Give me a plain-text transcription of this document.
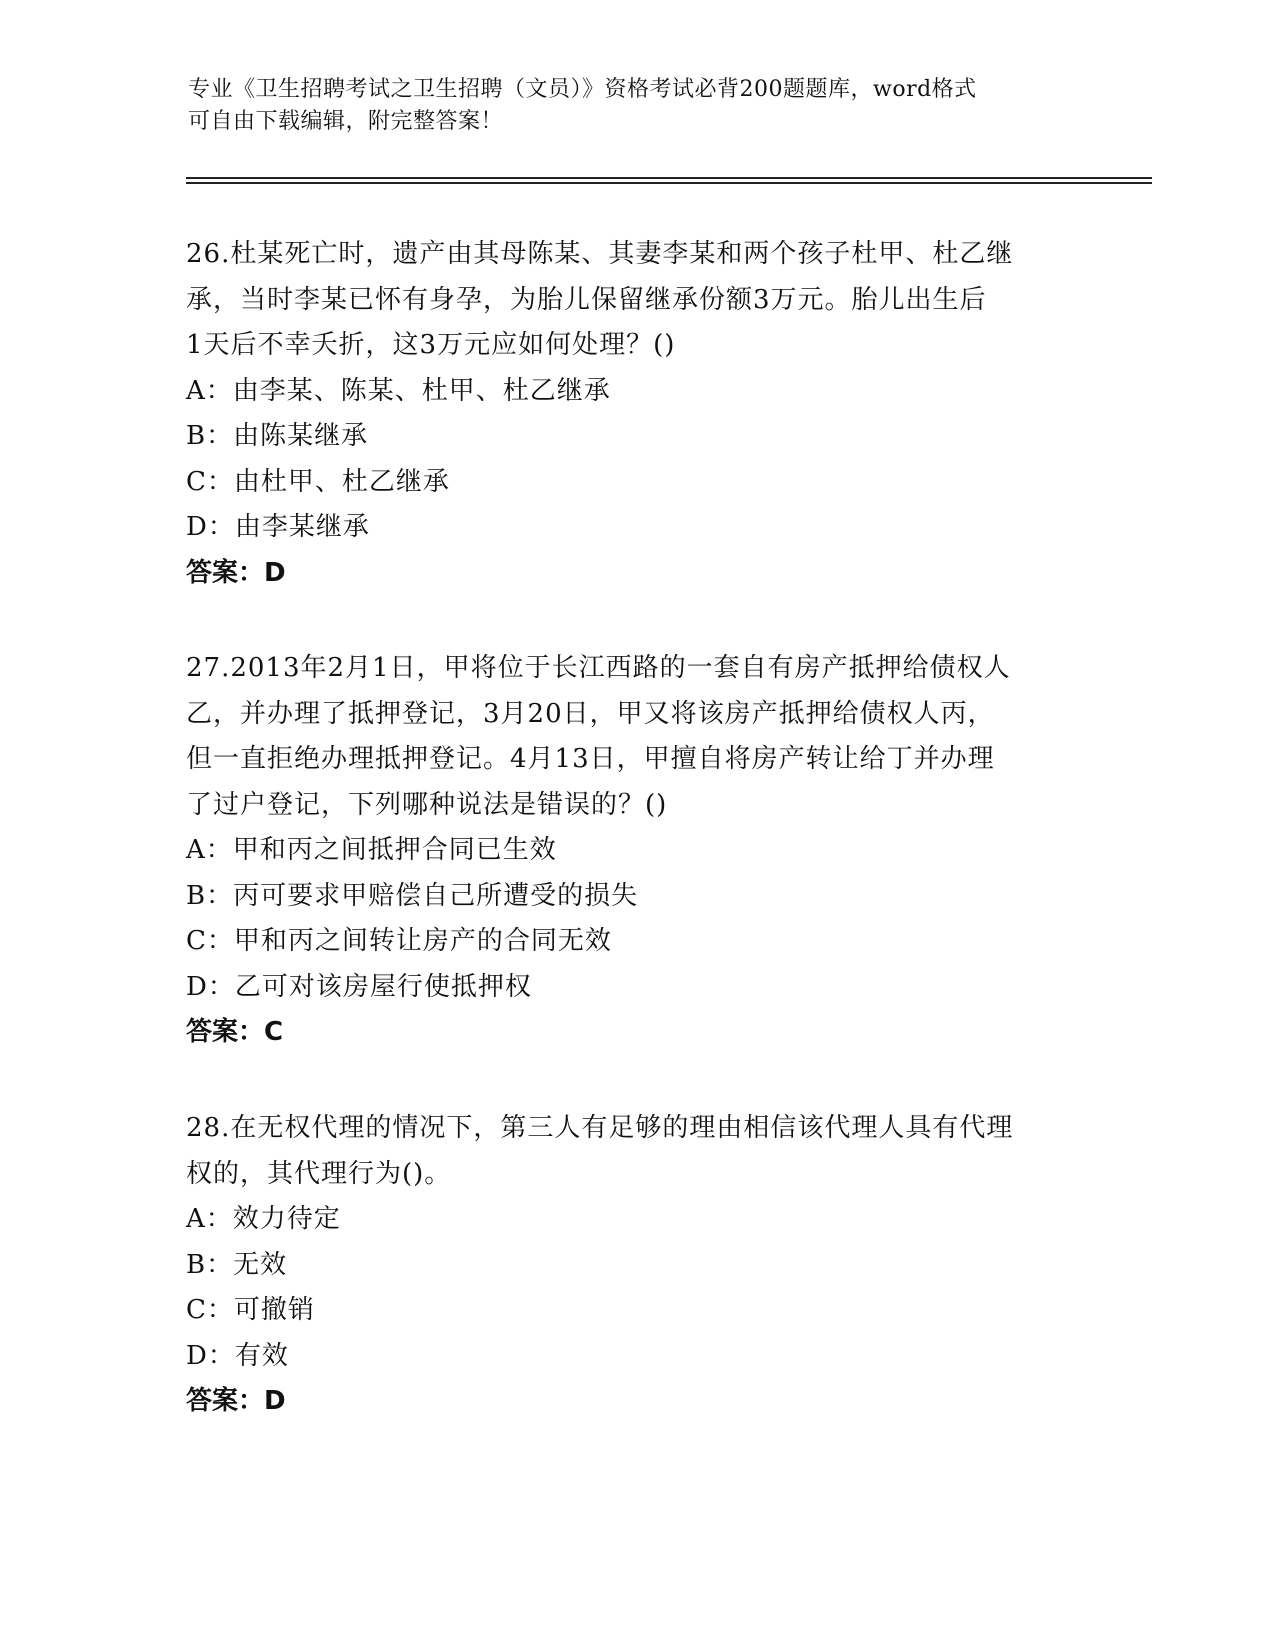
专业《卫生招聘考试之卫生招聘（文员）》资格考试必背200题题库，word格式
可自由下载编辑，附完整答案！
26.杜某死亡时，遗产由其母陈某、其妻李某和两个孩子杜甲、杜乙继
承，当时李某已怀有身孕，为胎儿保留继承份额3万元。胎儿出生后
1天后不幸夭折，这3万元应如何处理？()
A：由李某、陈某、杜甲、杜乙继承
B：由陈某继承
C：由杜甲、杜乙继承
D：由李某继承
答案：D
27.2013年2月1日，甲将位于长江西路的一套自有房产抵押给债权人
乙，并办理了抵押登记，3月20日，甲又将该房产抵押给债权人丙，
但一直拒绝办理抵押登记。4月13日，甲擅自将房产转让给丁并办理
了过户登记，下列哪种说法是错误的？()
A：甲和丙之间抵押合同已生效
B：丙可要求甲赔偿自己所遭受的损失
C：甲和丙之间转让房产的合同无效
D：乙可对该房屋行使抵押权
答案：C
28.在无权代理的情况下，第三人有足够的理由相信该代理人具有代理
权的，其代理行为()。
A：效力待定
B：无效
C：可撤销
D：有效
答案：D
